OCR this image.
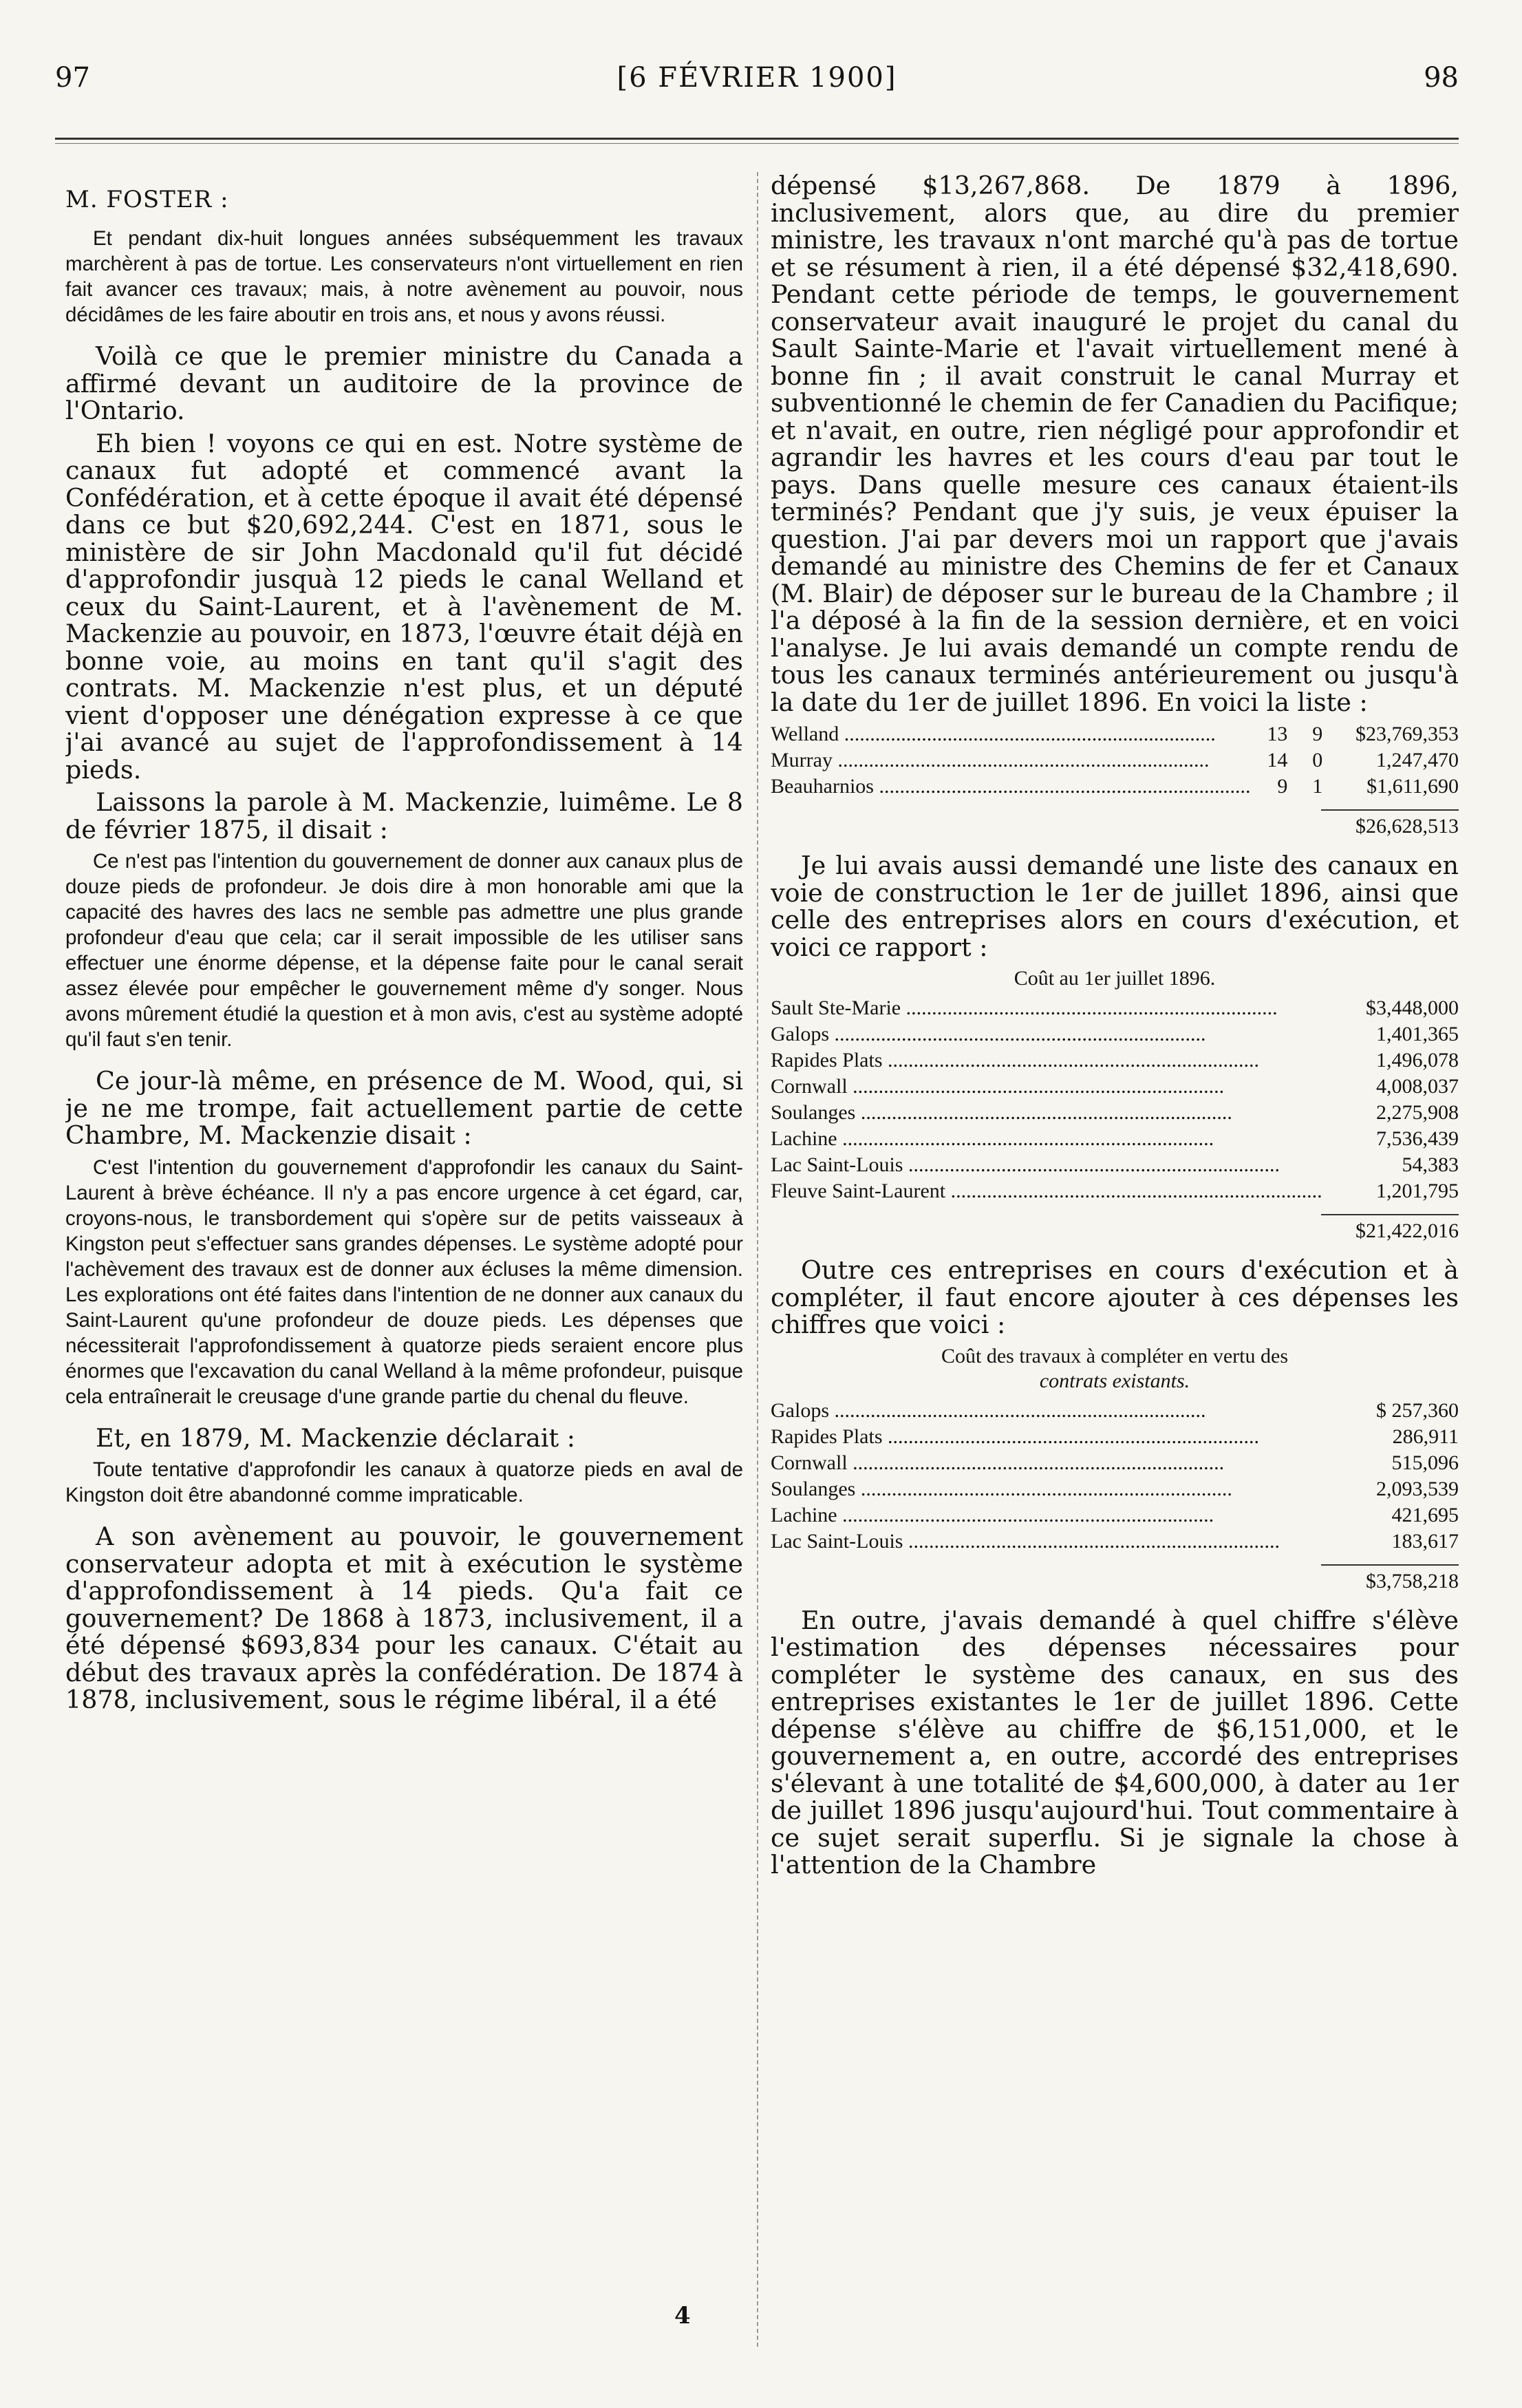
97	[6 FÉVRIER 1900]	98
M. FOSTER :

Et pendant dix-huit longues années subséquemment les travaux marchèrent à pas de tortue. Les conservateurs n'ont virtuellement en rien fait avancer ces travaux; mais, à notre avènement au pouvoir, nous décidâmes de les faire aboutir en trois ans, et nous y avons réussi.

Voilà ce que le premier ministre du Canada a affirmé devant un auditoire de la province de l'Ontario.

Eh bien ! voyons ce qui en est. Notre système de canaux fut adopté et commencé avant la Confédération, et à cette époque il avait été dépensé dans ce but $20,692,244. C'est en 1871, sous le ministère de sir John Macdonald qu'il fut décidé d'approfondir jusquà 12 pieds le canal Welland et ceux du Saint-Laurent, et à l'avènement de M. Mackenzie au pouvoir, en 1873, l'œuvre était déjà en bonne voie, au moins en tant qu'il s'agit des contrats. M. Mackenzie n'est plus, et un député vient d'opposer une dénégation expresse à ce que j'ai avancé au sujet de l'approfondissement à 14 pieds.

Laissons la parole à M. Mackenzie, luimême. Le 8 de février 1875, il disait :

Ce n'est pas l'intention du gouvernement de donner aux canaux plus de douze pieds de profondeur. Je dois dire à mon honorable ami que la capacité des havres des lacs ne semble pas admettre une plus grande profondeur d'eau que cela; car il serait impossible de les utiliser sans effectuer une énorme dépense, et la dépense faite pour le canal serait assez élevée pour empêcher le gouvernement même d'y songer. Nous avons mûrement étudié la question et à mon avis, c'est au système adopté qu'il faut s'en tenir.

Ce jour-là même, en présence de M. Wood, qui, si je ne me trompe, fait actuellement partie de cette Chambre, M. Mackenzie disait :

C'est l'intention du gouvernement d'approfondir les canaux du Saint-Laurent à brève échéance. Il n'y a pas encore urgence à cet égard, car, croyons-nous, le transbordement qui s'opère sur de petits vaisseaux à Kingston peut s'effectuer sans grandes dépenses. Le système adopté pour l'achèvement des travaux est de donner aux écluses la même dimension. Les explorations ont été faites dans l'intention de ne donner aux canaux du Saint-Laurent qu'une profondeur de douze pieds. Les dépenses que nécessiterait l'approfondissement à quatorze pieds seraient encore plus énormes que l'excavation du canal Welland à la même profondeur, puisque cela entraînerait le creusage d'une grande partie du chenal du fleuve.

Et, en 1879, M. Mackenzie déclarait :

Toute tentative d'approfondir les canaux à quatorze pieds en aval de Kingston doit être abandonné comme impraticable.

A son avènement au pouvoir, le gouvernement conservateur adopta et mit à exécution le système d'approfondissement à 14 pieds. Qu'a fait ce gouvernement? De 1868 à 1873, inclusivement, il a été dépensé $693,834 pour les canaux. C'était au début des travaux après la confédération. De 1874 à 1878, inclusivement, sous le régime libéral, il a été

dépensé $13,267,868. De 1879 à 1896, inclusivement, alors que, au dire du premier ministre, les travaux n'ont marché qu'à pas de tortue et se résument à rien, il a été dépensé $32,418,690. Pendant cette période de temps, le gouvernement conservateur avait inauguré le projet du canal du Sault Sainte-Marie et l'avait virtuellement mené à bonne fin ; il avait construit le canal Murray et subventionné le chemin de fer Canadien du Pacifique; et n'avait, en outre, rien négligé pour approfondir et agrandir les havres et les cours d'eau par tout le pays. Dans quelle mesure ces canaux étaient-ils terminés? Pendant que j'y suis, je veux épuiser la question. J'ai par devers moi un rapport que j'avais demandé au ministre des Chemins de fer et Canaux (M. Blair) de déposer sur le bureau de la Chambre ; il l'a déposé à la fin de la session dernière, et en voici l'analyse. Je lui avais demandé un compte rendu de tous les canaux terminés antérieurement ou jusqu'à la date du 1er de juillet 1896. En voici la liste :

Welland .....	13	9	$23,769,353
Murray .....	14	0	1,247,470
Beauharnios .....	9	1	$1,611,690
$26,628,513

Je lui avais aussi demandé une liste des canaux en voie de construction le 1er de juillet 1896, ainsi que celle des entreprises alors en cours d'exécution, et voici ce rapport :

Coût au 1er juillet 1896.
Sault Ste-Marie .....	$3,448,000
Galops .....	1,401,365
Rapides Plats .....	1,496,078
Cornwall .....	4,008,037
Soulanges .....	2,275,908
Lachine .....	7,536,439
Lac Saint-Louis .....	54,383
Fleuve Saint-Laurent .....	1,201,795
$21,422,016

Outre ces entreprises en cours d'exécution et à compléter, il faut encore ajouter à ces dépenses les chiffres que voici :

Coût des travaux à compléter en vertu des
contrats existants.
Galops .....	$ 257,360
Rapides Plats .....	286,911
Cornwall .....	515,096
Soulanges .....	2,093,539
Lachine .....	421,695
Lac Saint-Louis .....	183,617
$3,758,218

En outre, j'avais demandé à quel chiffre s'élève l'estimation des dépenses nécessaires pour compléter le système des canaux, en sus des entreprises existantes le 1er de juillet 1896. Cette dépense s'élève au chiffre de $6,151,000, et le gouvernement a, en outre, accordé des entreprises s'élevant à une totalité de $4,600,000, à dater au 1er de juillet 1896 jusqu'aujourd'hui. Tout commentaire à ce sujet serait superflu. Si je signale la chose à l'attention de la Chambre

4
